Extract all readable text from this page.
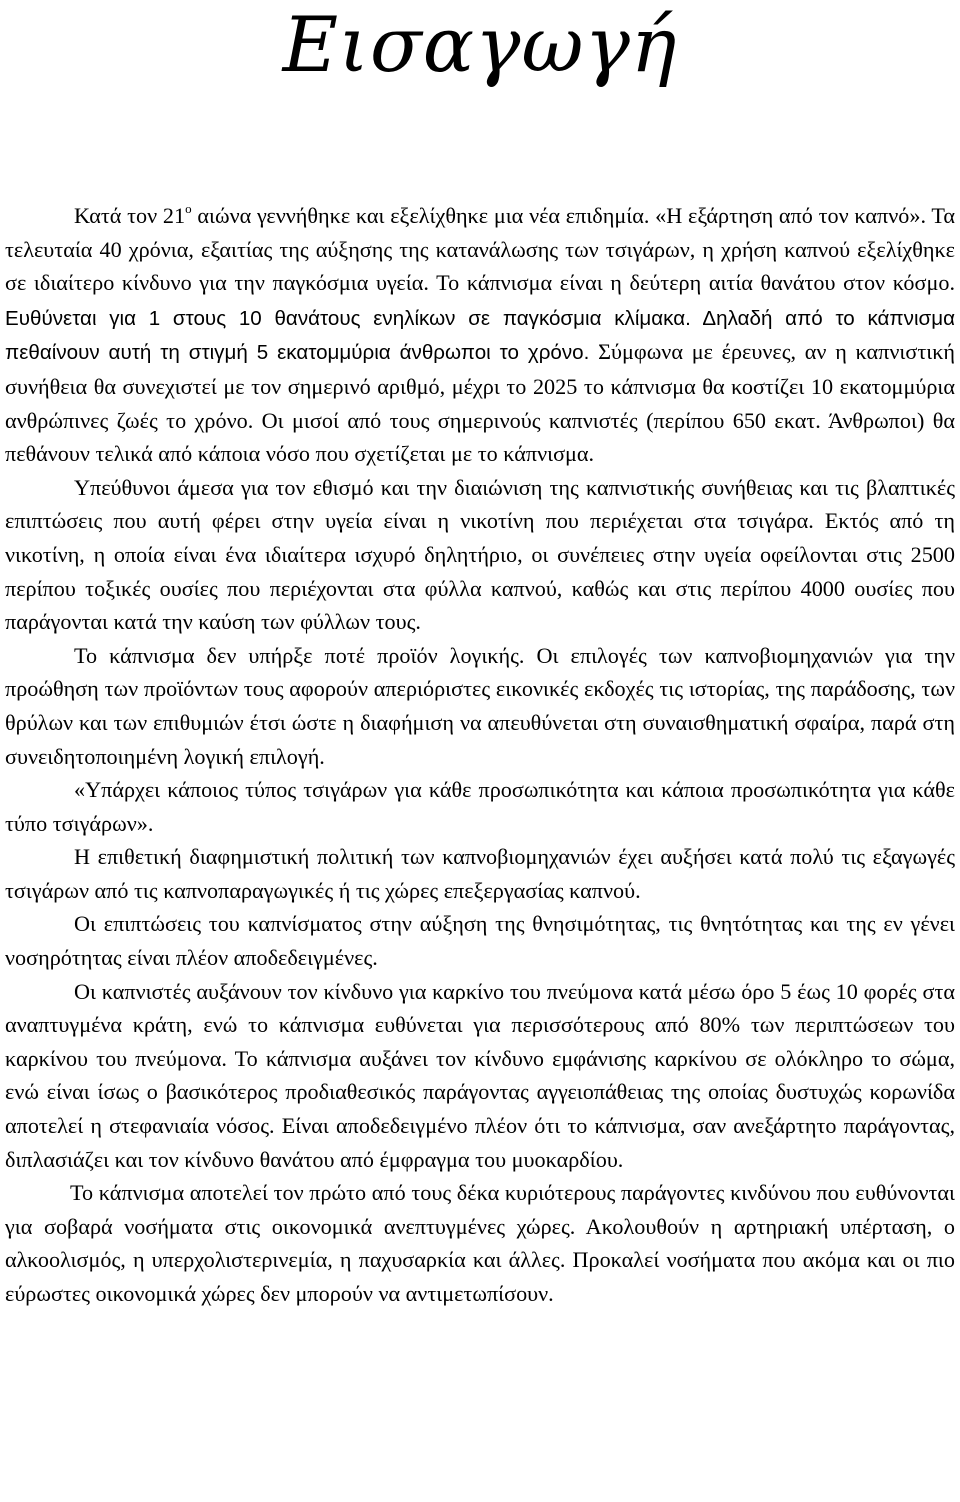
Εισαγωγή

Κατά τον $21^o$ αιώνα γεννήθηκε και εξελίχθηκε μια νέα επιδημία. «Η εξάρτηση από τον καπνό». Τα τελευταία 40 χρόνια, εξαιτίας της αύξησης της κατανάλωσης των τσιγάρων, η χρήση καπνού εξελίχθηκε σε ιδιαίτερο κίνδυνο για την παγκόσμια υγεία. Το κάπνισμα είναι η δεύτερη αιτία θανάτου στον κόσμο. Ευθύνεται για 1 στους 10 θανάτους ενηλίκων σε παγκόσμια κλίμακα. Δηλαδή από το κάπνισμα πεθαίνουν αυτή τη στιγμή 5 εκατομμύρια άνθρωποι το χρόνο. Σύμφωνα με έρευνες, αν η καπνιστική συνήθεια θα συνεχιστεί με τον σημερινό αριθμό, μέχρι το 2025 το κάπνισμα θα κοστίζει 10 εκατομμύρια ανθρώπινες ζωές το χρόνο. Οι μισοί από τους σημερινούς καπνιστές (περίπου 650 εκατ. Άνθρωποι) θα πεθάνουν τελικά από κάποια νόσο που σχετίζεται με το κάπνισμα.

Υπεύθυνοι άμεσα για τον εθισμό και την διαιώνιση της καπνιστικής συνήθειας και τις βλαπτικές επιπτώσεις που αυτή φέρει στην υγεία είναι η νικοτίνη που περιέχεται στα τσιγάρα. Εκτός από τη νικοτίνη, η οποία είναι ένα ιδιαίτερα ισχυρό δηλητήριο, οι συνέπειες στην υγεία οφείλονται στις 2500 περίπου τοξικές ουσίες που περιέχονται στα φύλλα καπνού, καθώς και στις περίπου 4000 ουσίες που παράγονται κατά την καύση των φύλλων τους.

Το κάπνισμα δεν υπήρξε ποτέ προϊόν λογικής. Οι επιλογές των καπνοβιομηχανιών για την προώθηση των προϊόντων τους αφορούν απεριόριστες εικονικές εκδοχές τις ιστορίας, της παράδοσης, των θρύλων και των επιθυμιών έτσι ώστε η διαφήμιση να απευθύνεται στη συναισθηματική σφαίρα, παρά στη συνειδητοποιημένη λογική επιλογή.

«Υπάρχει κάποιος τύπος τσιγάρων για κάθε προσωπικότητα και κάποια προσωπικότητα για κάθε τύπο τσιγάρων».

Η επιθετική διαφημιστική πολιτική των καπνοβιομηχανιών έχει αυξήσει κατά πολύ τις εξαγωγές τσιγάρων από τις καπνοπαραγωγικές ή τις χώρες επεξεργασίας καπνού.

Οι επιπτώσεις του καπνίσματος στην αύξηση της θνησιμότητας, τις θνητότητας και της εν γένει νοσηρότητας είναι πλέον αποδεδειγμένες.

Οι καπνιστές αυξάνουν τον κίνδυνο για καρκίνο του πνεύμονα κατά μέσω όρο 5 έως 10 φορές στα αναπτυγμένα κράτη, ενώ το κάπνισμα ευθύνεται για περισσότερους από 80% των περιπτώσεων του καρκίνου του πνεύμονα. Το κάπνισμα αυξάνει τον κίνδυνο εμφάνισης καρκίνου σε ολόκληρο το σώμα, ενώ είναι ίσως ο βασικότερος προδιαθεσικός παράγοντας αγγειοπάθειας της οποίας δυστυχώς κορωνίδα αποτελεί η στεφανιαία νόσος. Είναι αποδεδειγμένο πλέον ότι το κάπνισμα, σαν ανεξάρτητο παράγοντας, διπλασιάζει και τον κίνδυνο θανάτου από έμφραγμα του μυοκαρδίου.

Το κάπνισμα αποτελεί τον πρώτο από τους δέκα κυριότερους παράγοντες κινδύνου που ευθύνονται για σοβαρά νοσήματα στις οικονομικά ανεπτυγμένες χώρες. Ακολουθούν η αρτηριακή υπέρταση, ο αλκοολισμός, η υπερχολιστερινεμία, η παχυσαρκία και άλλες. Προκαλεί νοσήματα που ακόμα και οι πιο εύρωστες οικονομικά χώρες δεν μπορούν να αντιμετωπίσουν.
